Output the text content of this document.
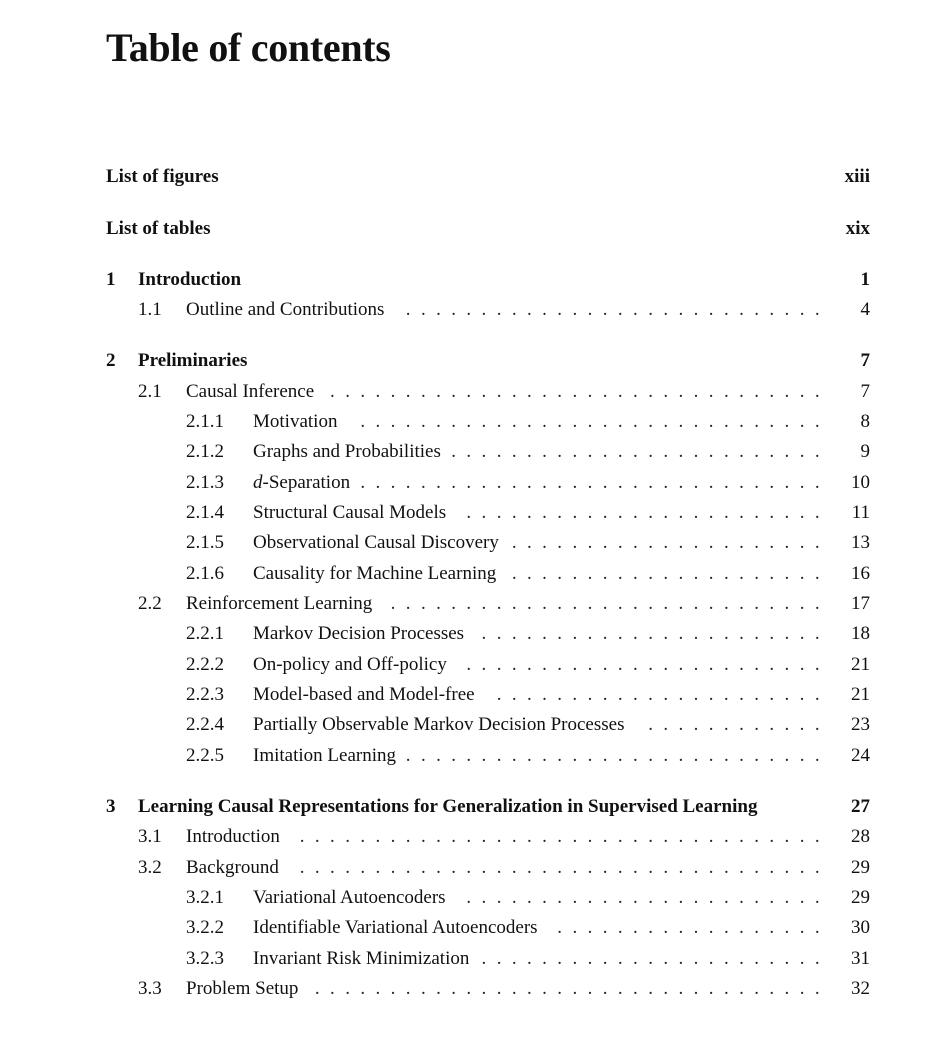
Table of contents
List of figures	xiii
List of tables	xix
1 Introduction	1
1.1 Outline and Contributions	4
............................
2 Preliminaries	7
2.1 Causal Inference	7
.................................
2.1.1 Motivation	8
...............................
2.1.2 Graphs and Probabilities	9
.........................
2.1.3 d-Separation	10
...............................
2.1.4 Structural Causal Models	11
........................
2.1.5 Observational Causal Discovery	13
.....................
2.1.6 Causality for Machine Learning	16
.....................
2.2 Reinforcement Learning	17
.............................
2.2.1 Markov Decision Processes	18
.......................
2.2.2 On-policy and Off-policy	21
........................
2.2.3 Model-based and Model-free	21
......................
2.2.4 Partially Observable Markov Decision Processes	23
............
2.2.5 Imitation Learning	24
............................
3 Learning Causal Representations for Generalization in Supervised Learning	27
3.1 Introduction	28
...................................
3.2 Background	29
...................................
3.2.1 Variational Autoencoders	29
........................
3.2.2 Identifiable Variational Autoencoders	30
..................
3.2.3 Invariant Risk Minimization	31
.......................
3.3 Problem Setup	32
..................................
